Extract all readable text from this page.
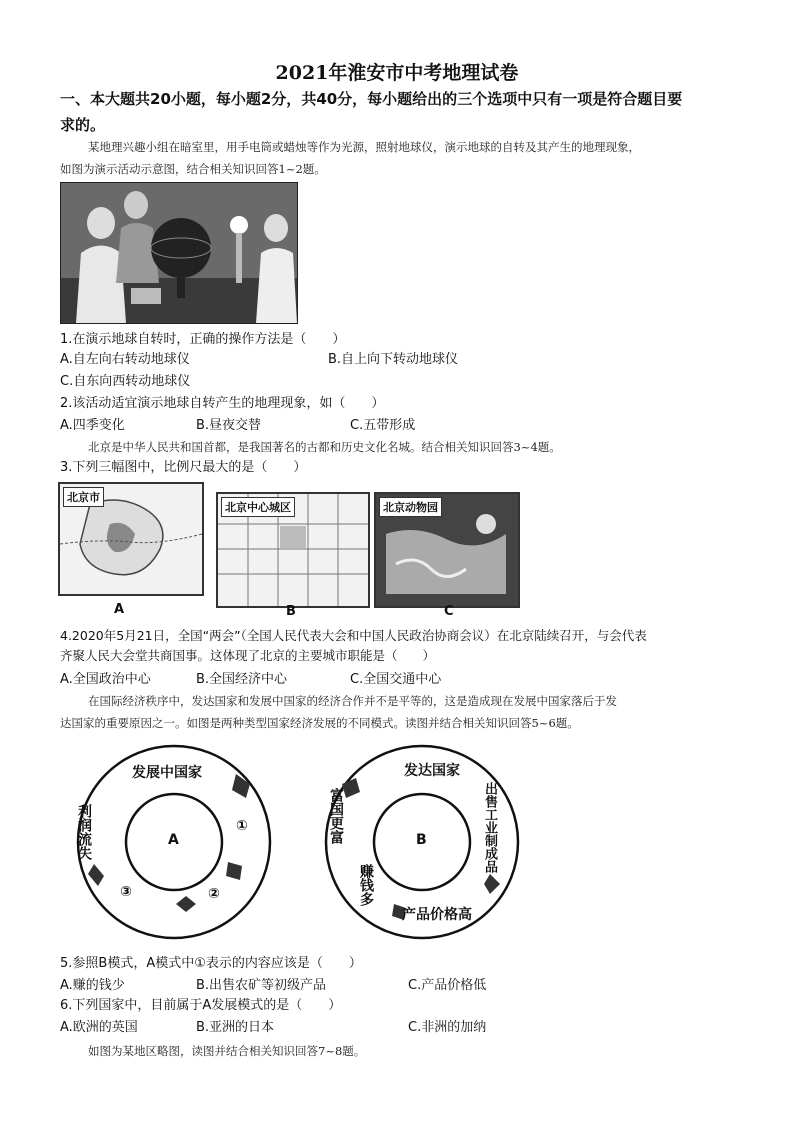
2021年淮安市中考地理试卷
一、本大题共20小题，每小题2分，共40分，每小题给出的三个选项中只有一项是符合题目要
求的。
某地理兴趣小组在暗室里，用手电筒或蜡烛等作为光源，照射地球仪，演示地球的自转及其产生的地理现象，
如图为演示活动示意图，结合相关知识回答1~2题。
1.在演示地球自转时，正确的操作方法是（　　）
A.自左向右转动地球仪	B.自上向下转动地球仪
C.自东向西转动地球仪
2.该活动适宜演示地球自转产生的地理现象，如（　　）
A.四季变化	B.昼夜交替	C.五带形成
北京是中华人民共和国首都，是我国著名的古都和历史文化名城。结合相关知识回答3~4题。
3.下列三幅图中，比例尺最大的是（　　）
北京市
北京中心城区	北京动物园
A	B	C
4.2020年5月21日，全国“两会”（全国人民代表大会和中国人民政治协商会议）在北京陆续召开，与会代表
齐聚人民大会堂共商国事。这体现了北京的主要城市职能是（　　）
A.全国政治中心	B.全国经济中心	C.全国交通中心
在国际经济秩序中，发达国家和发展中国家的经济合作并不是平等的，这是造成现在发展中国家落后于发
达国家的重要原因之一。如图是两种类型国家经济发展的不同模式。读图并结合相关知识回答5~6题。
A
发展中国家
利润流失	①
②
③
B
发达国家
富国更富	出售工业制成品
产品价格高
赚钱多
5.参照B模式，A模式中①表示的内容应该是（　　）
A.赚的钱少	B.出售农矿等初级产品	C.产品价格低
6.下列国家中，目前属于A发展模式的是（　　）
A.欧洲的英国	B.亚洲的日本	C.非洲的加纳
如图为某地区略图，读图并结合相关知识回答7~8题。
